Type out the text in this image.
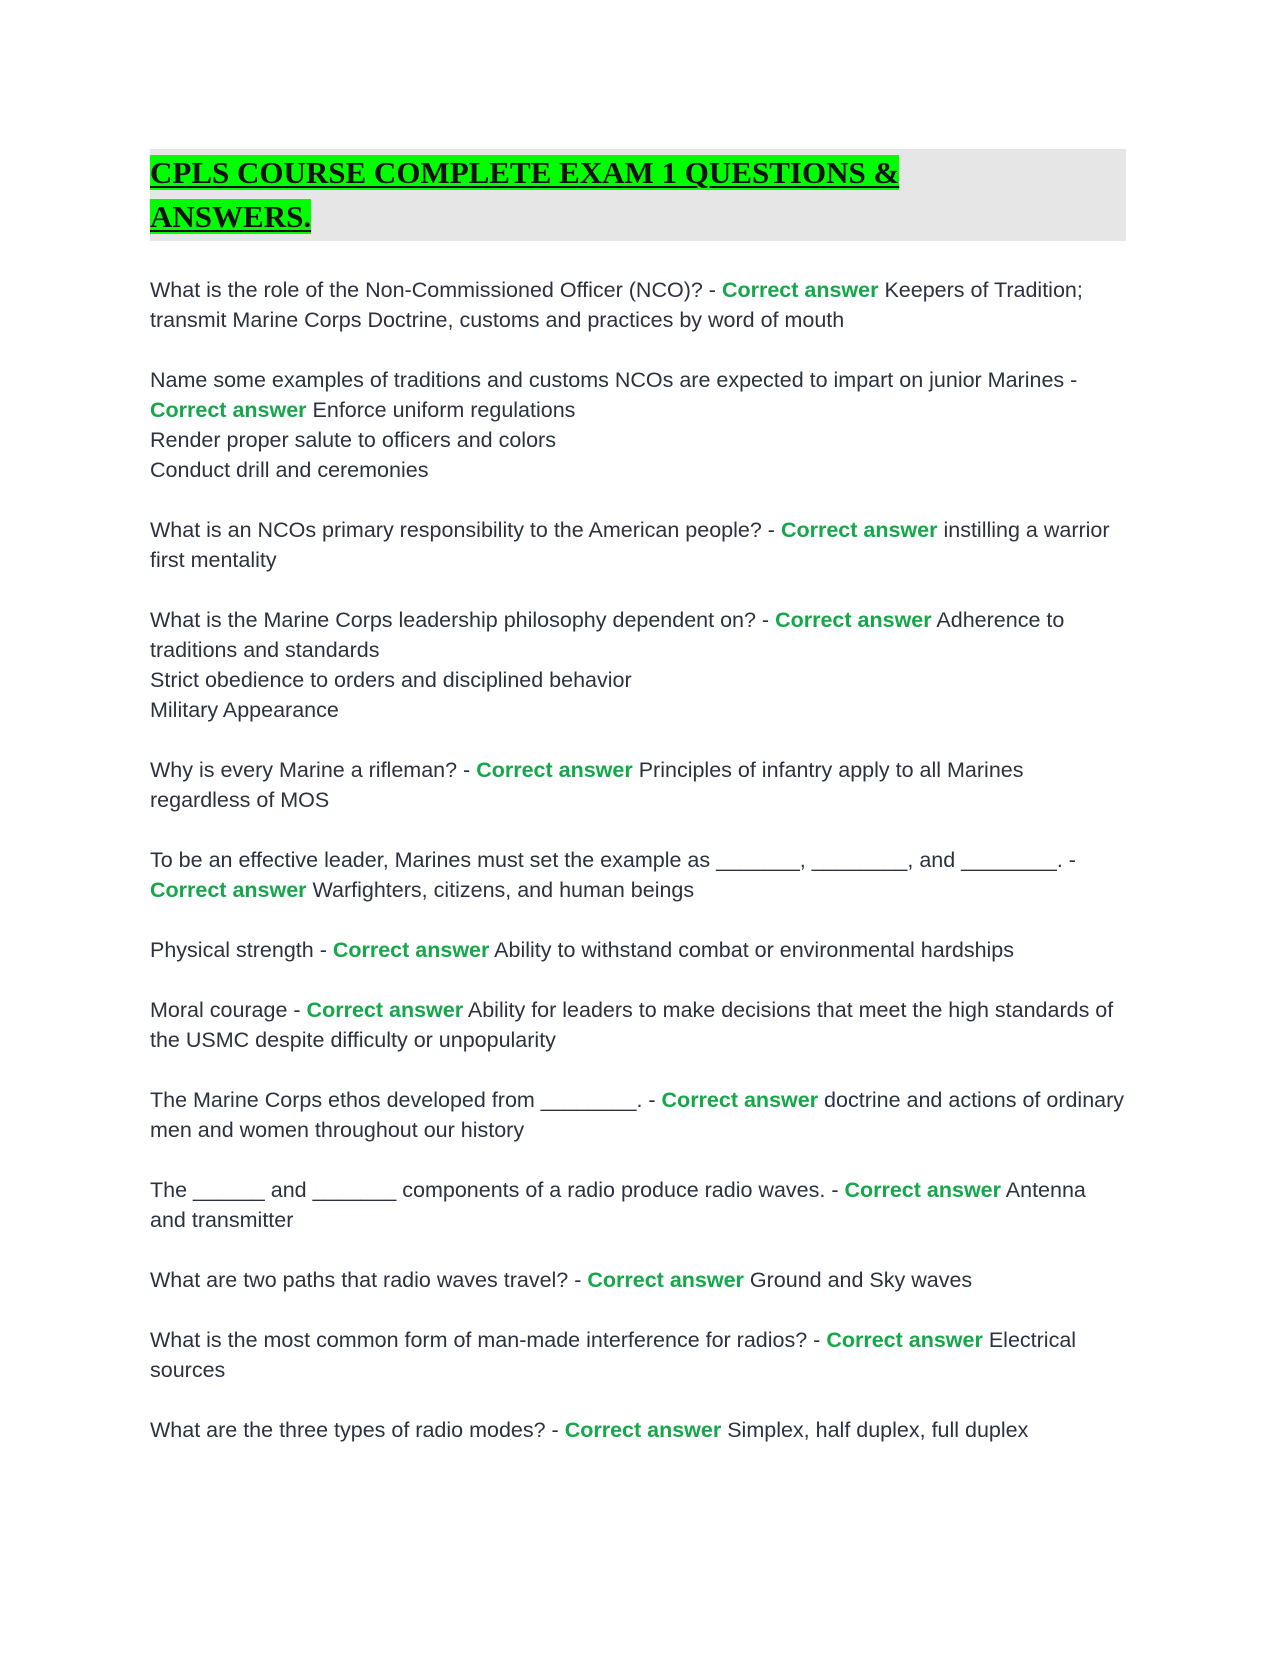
CPLS COURSE COMPLETE EXAM 1 QUESTIONS &
ANSWERS.

What is the role of the Non-Commissioned Officer (NCO)? - Correct answer Keepers of Tradition; transmit Marine Corps Doctrine, customs and practices by word of mouth

Name some examples of traditions and customs NCOs are expected to impart on junior Marines - Correct answer Enforce uniform regulations
Render proper salute to officers and colors
Conduct drill and ceremonies

What is an NCOs primary responsibility to the American people? - Correct answer instilling a warrior first mentality

What is the Marine Corps leadership philosophy dependent on? - Correct answer Adherence to traditions and standards
Strict obedience to orders and disciplined behavior
Military Appearance

Why is every Marine a rifleman? - Correct answer Principles of infantry apply to all Marines regardless of MOS

To be an effective leader, Marines must set the example as _______, ________, and ________. - Correct answer Warfighters, citizens, and human beings

Physical strength - Correct answer Ability to withstand combat or environmental hardships

Moral courage - Correct answer Ability for leaders to make decisions that meet the high standards of the USMC despite difficulty or unpopularity

The Marine Corps ethos developed from ________. - Correct answer doctrine and actions of ordinary men and women throughout our history

The ______ and _______ components of a radio produce radio waves. - Correct answer Antenna and transmitter

What are two paths that radio waves travel? - Correct answer Ground and Sky waves

What is the most common form of man-made interference for radios? - Correct answer Electrical sources

What are the three types of radio modes? - Correct answer Simplex, half duplex, full duplex
